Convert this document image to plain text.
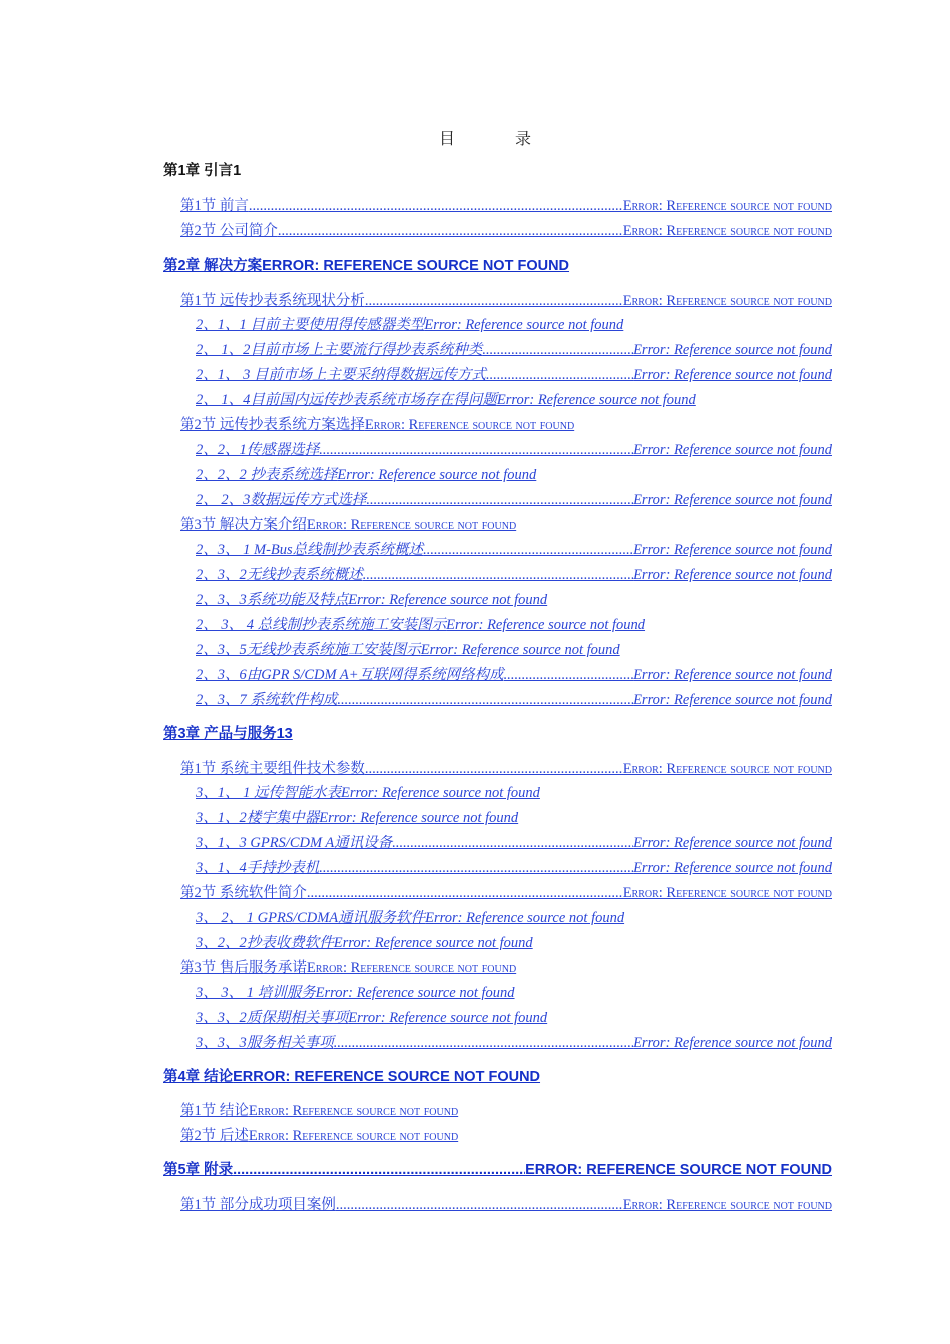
目 录
第1章 引言1
第1节 前言 .....	Error: Reference source not found
第2节 公司简介 .....	Error: Reference source not found
第2章 解决方案 ERROR: REFERENCE SOURCE NOT FOUND
第1节 远传抄表系统现状分析 .....	Error: Reference source not found
2、1、1 目前主要使用得传感器类型 Error: Reference source not found
2、 1、2目前市场上主要流行得抄表系统种类 .....	Error: Reference source not found
2、1、 3 目前市场上主要采纳得数据远传方式 .....	Error: Reference source not found
2、 1、4目前国内远传抄表系统市场存在得问题 Error: Reference source not found
第2节 远传抄表系统方案选择 Error: Reference source not found
2、2、1传感器选择 .....	Error: Reference source not found
2、2、2 抄表系统选择 Error: Reference source not found
2、 2、3数据远传方式选择 .....	Error: Reference source not found
第3节 解决方案介绍 Error: Reference source not found
2、3、 1 M-Bus总线制抄表系统概述 .....	Error: Reference source not found
2、3、2无线抄表系统概述 .....	Error: Reference source not found
2、3、3系统功能及特点 Error: Reference source not found
2、 3、 4 总线制抄表系统施工安装图示 Error: Reference source not found
2、3、5无线抄表系统施工安装图示 Error: Reference source not found
2、3、6由GPR S/CDM A+互联网得系统网络构成 .....	Error: Reference source not found
2、3、7 系统软件构成 .....	Error: Reference source not found
第3章 产品与服务 13
第1节 系统主要组件技术参数 .....	Error: Reference source not found
3、1、 1 远传智能水表 Error: Reference source not found
3、1、2楼宇集中器 Error: Reference source not found
3、1、3 GPRS/CDM A通讯设备 .....	Error: Reference source not found
3、1、4手持抄表机 .....	Error: Reference source not found
第2节 系统软件简介 .....	Error: Reference source not found
3、 2、 1 GPRS/CDMA通讯服务软件 Error: Reference source not found
3、2、2抄表收费软件 Error: Reference source not found
第3节 售后服务承诺 Error: Reference source not found
3、 3、 1 培训服务 Error: Reference source not found
3、3、2质保期相关事项 Error: Reference source not found
3、3、3服务相关事项 .....	Error: Reference source not found
第4章 结论 ERROR: REFERENCE SOURCE NOT FOUND
第1节 结论 Error: Reference source not found
第2节 后述 Error: Reference source not found
第5章 附录 .....	ERROR: REFERENCE SOURCE NOT FOUND
第1节 部分成功项目案例 .....	Error: Reference source not found
